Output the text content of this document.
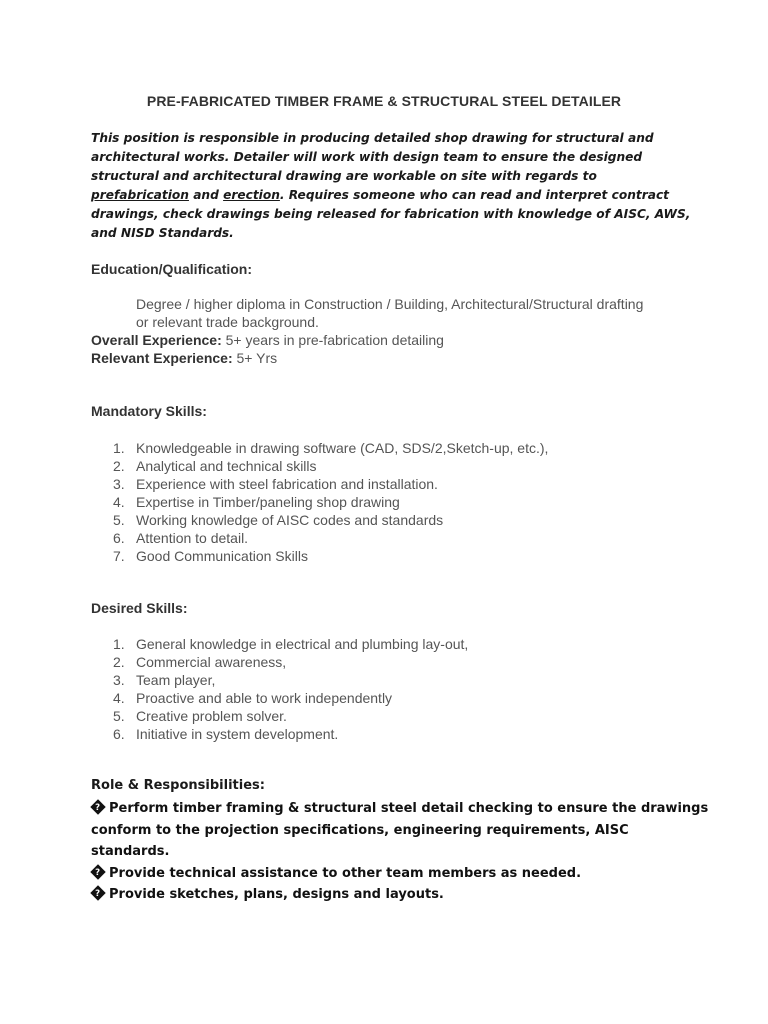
PRE-FABRICATED TIMBER FRAME & STRUCTURAL STEEL DETAILER
This position is responsible in producing detailed shop drawing for structural and architectural works. Detailer will work with design team to ensure the designed structural and architectural drawing are workable on site with regards to prefabrication and erection. Requires someone who can read and interpret contract drawings, check drawings being released for fabrication with knowledge of AISC, AWS, and NISD Standards.
Education/Qualification:
Degree / higher diploma in Construction / Building, Architectural/Structural drafting or relevant trade background.
Overall Experience: 5+ years in pre-fabrication detailing
Relevant Experience: 5+ Yrs
Mandatory Skills:
1. Knowledgeable in drawing software (CAD, SDS/2,Sketch-up, etc.),
2. Analytical and technical skills
3. Experience with steel fabrication and installation.
4. Expertise in Timber/paneling shop drawing
5. Working knowledge of AISC codes and standards
6. Attention to detail.
7. Good Communication Skills
Desired Skills:
1. General knowledge in electrical and plumbing lay-out,
2. Commercial awareness,
3. Team player,
4. Proactive and able to work independently
5. Creative problem solver.
6. Initiative in system development.
Role & Responsibilities:
?Perform timber framing & structural steel detail checking to ensure the drawings conform to the projection specifications, engineering requirements, AISC standards.
?Provide technical assistance to other team members as needed.
?Provide sketches, plans, designs and layouts.
